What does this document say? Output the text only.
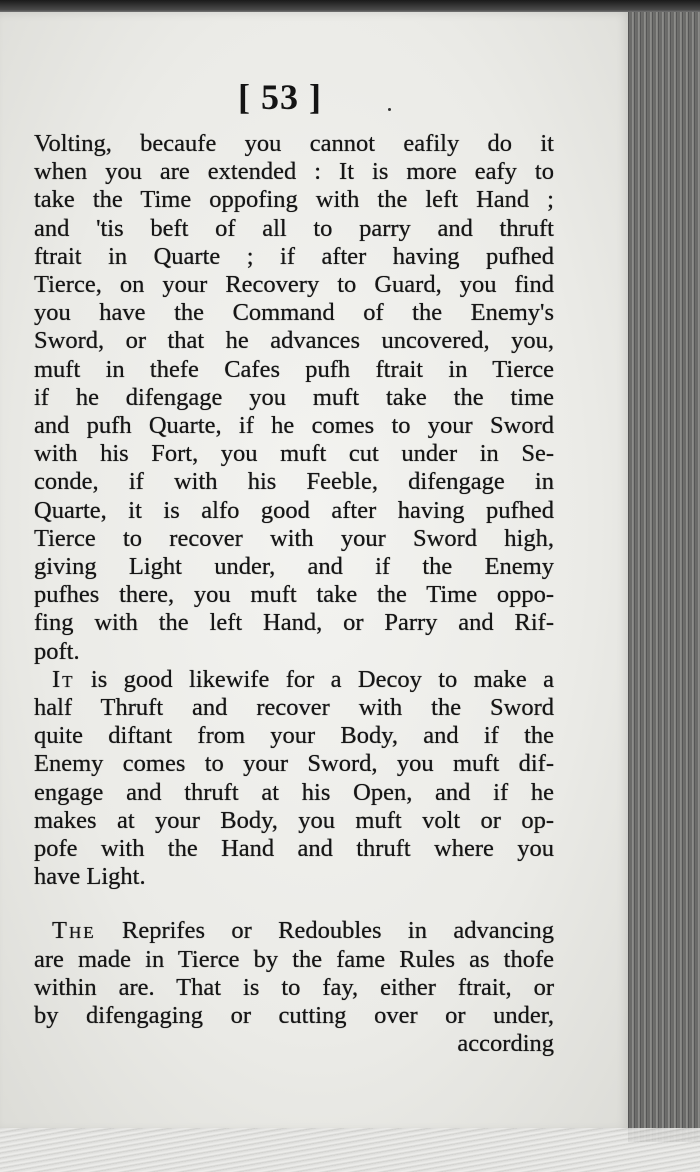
[ 53 ]
Volting, becaufe you cannot eafily do it
when you are extended : It is more eafy to
take the Time oppofing with the left Hand ;
and 'tis beft of all to parry and thruft
ftrait in Quarte ; if after having pufhed
Tierce, on your Recovery to Guard, you find
you have the Command of the Enemy's
Sword, or that he advances uncovered, you,
muft in thefe Cafes pufh ftrait in Tierce
if he difengage you muft take the time
and pufh Quarte, if he comes to your Sword
with his Fort, you muft cut under in Se-
conde, if with his Feeble, difengage in
Quarte, it is alfo good after having pufhed
Tierce to recover with your Sword high,
giving Light under, and if the Enemy
pufhes there, you muft take the Time oppo-
fing with the left Hand, or Parry and Rif-
poft.
It is good likewife for a Decoy to make a
half Thruft and recover with the Sword
quite diftant from your Body, and if the
Enemy comes to your Sword, you muft dif-
engage and thruft at his Open, and if he
makes at your Body, you muft volt or op-
pofe with the Hand and thruft where you
have Light.
The Reprifes or Redoubles in advancing
are made in Tierce by the fame Rules as thofe
within are. That is to fay, either ftrait, or
by difengaging or cutting over or under,
according
